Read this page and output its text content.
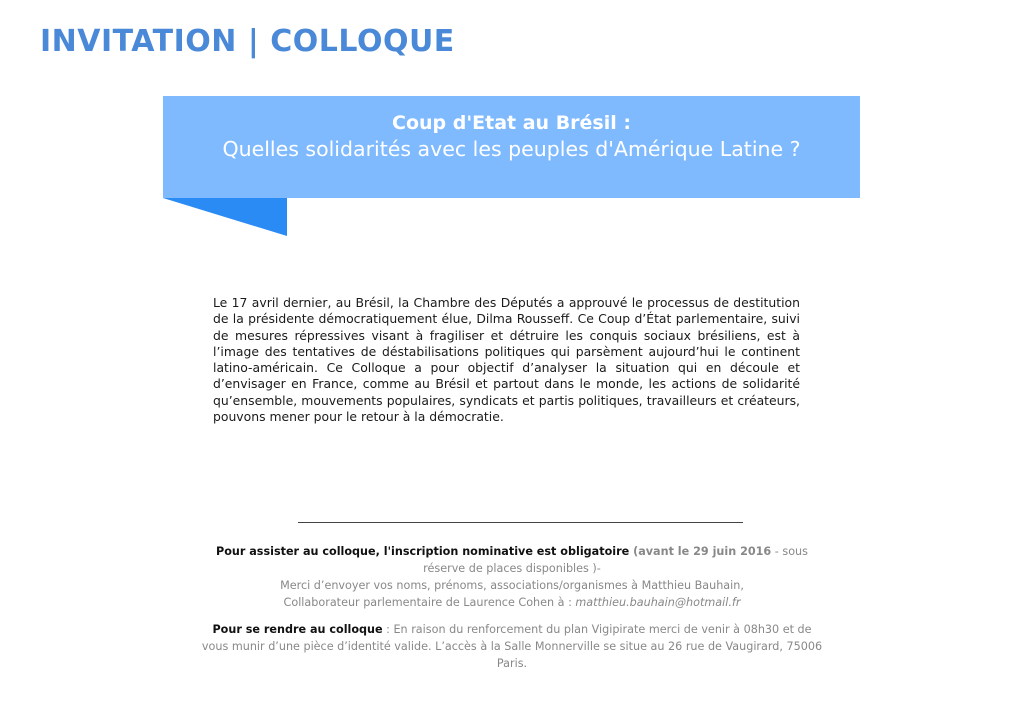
INVITATION | COLLOQUE
Coup d'Etat au Brésil :
Quelles solidarités avec les peuples d'Amérique Latine ?
Le 17 avril dernier, au Brésil, la Chambre des Députés a approuvé le processus de destitution de la présidente démocratiquement élue, Dilma Rousseff. Ce Coup d’État parlementaire, suivi de mesures répressives visant à fragiliser et détruire les conquis sociaux brésiliens, est à l’image des tentatives de déstabilisations politiques qui parsèment aujourd’hui le continent latino-américain. Ce Colloque a pour objectif d’analyser la situation qui en découle et d’envisager en France, comme au Brésil et partout dans le monde, les actions de solidarité qu’ensemble, mouvements populaires, syndicats et partis politiques, travailleurs et créateurs, pouvons mener pour le retour à la démocratie.

Pour assister au colloque, l'inscription nominative est obligatoire (avant le 29 juin 2016 - sous réserve de places disponibles )-

Merci d’envoyer vos noms, prénoms, associations/organismes à Matthieu Bauhain,

Collaborateur parlementaire de Laurence Cohen à : matthieu.bauhain@hotmail.fr

Pour se rendre au colloque : En raison du renforcement du plan Vigipirate merci de venir à 08h30 et de vous munir d’une pièce d’identité valide. L’accès à la Salle Monnerville se situe au 26 rue de Vaugirard, 75006 Paris.
